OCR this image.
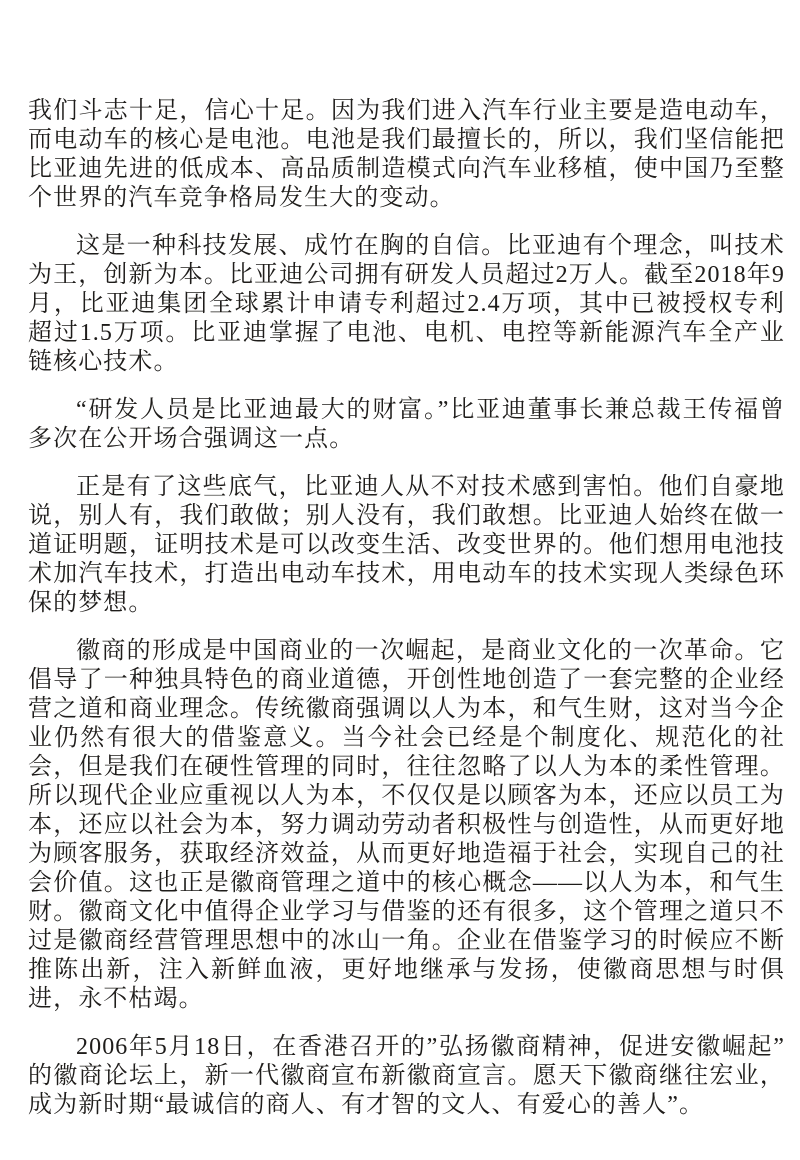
我们斗志十足，信心十足。因为我们进入汽车行业主要是造电动车，而电动车的核心是电池。电池是我们最擅长的，所以，我们坚信能把比亚迪先进的低成本、高品质制造模式向汽车业移植，使中国乃至整个世界的汽车竞争格局发生大的变动。

这是一种科技发展、成竹在胸的自信。比亚迪有个理念，叫技术为王，创新为本。比亚迪公司拥有研发人员超过2万人。截至2018年9月，比亚迪集团全球累计申请专利超过2.4万项，其中已被授权专利超过1.5万项。比亚迪掌握了电池、电机、电控等新能源汽车全产业链核心技术。

“研发人员是比亚迪最大的财富。”比亚迪董事长兼总裁王传福曾多次在公开场合强调这一点。

正是有了这些底气，比亚迪人从不对技术感到害怕。他们自豪地说，别人有，我们敢做；别人没有，我们敢想。比亚迪人始终在做一道证明题，证明技术是可以改变生活、改变世界的。他们想用电池技术加汽车技术，打造出电动车技术，用电动车的技术实现人类绿色环保的梦想。

徽商的形成是中国商业的一次崛起，是商业文化的一次革命。它倡导了一种独具特色的商业道德，开创性地创造了一套完整的企业经营之道和商业理念。传统徽商强调以人为本，和气生财，这对当今企业仍然有很大的借鉴意义。当今社会已经是个制度化、规范化的社会，但是我们在硬性管理的同时，往往忽略了以人为本的柔性管理。所以现代企业应重视以人为本，不仅仅是以顾客为本，还应以员工为本，还应以社会为本，努力调动劳动者积极性与创造性，从而更好地为顾客服务，获取经济效益，从而更好地造福于社会，实现自己的社会价值。这也正是徽商管理之道中的核心概念——以人为本，和气生财。徽商文化中值得企业学习与借鉴的还有很多，这个管理之道只不过是徽商经营管理思想中的冰山一角。企业在借鉴学习的时候应不断推陈出新，注入新鲜血液，更好地继承与发扬，使徽商思想与时俱进，永不枯竭。

2006年5月18日，在香港召开的”弘扬徽商精神，促进安徽崛起”的徽商论坛上，新一代徽商宣布新徽商宣言。愿天下徽商继往宏业，成为新时期“最诚信的商人、有才智的文人、有爱心的善人”。
